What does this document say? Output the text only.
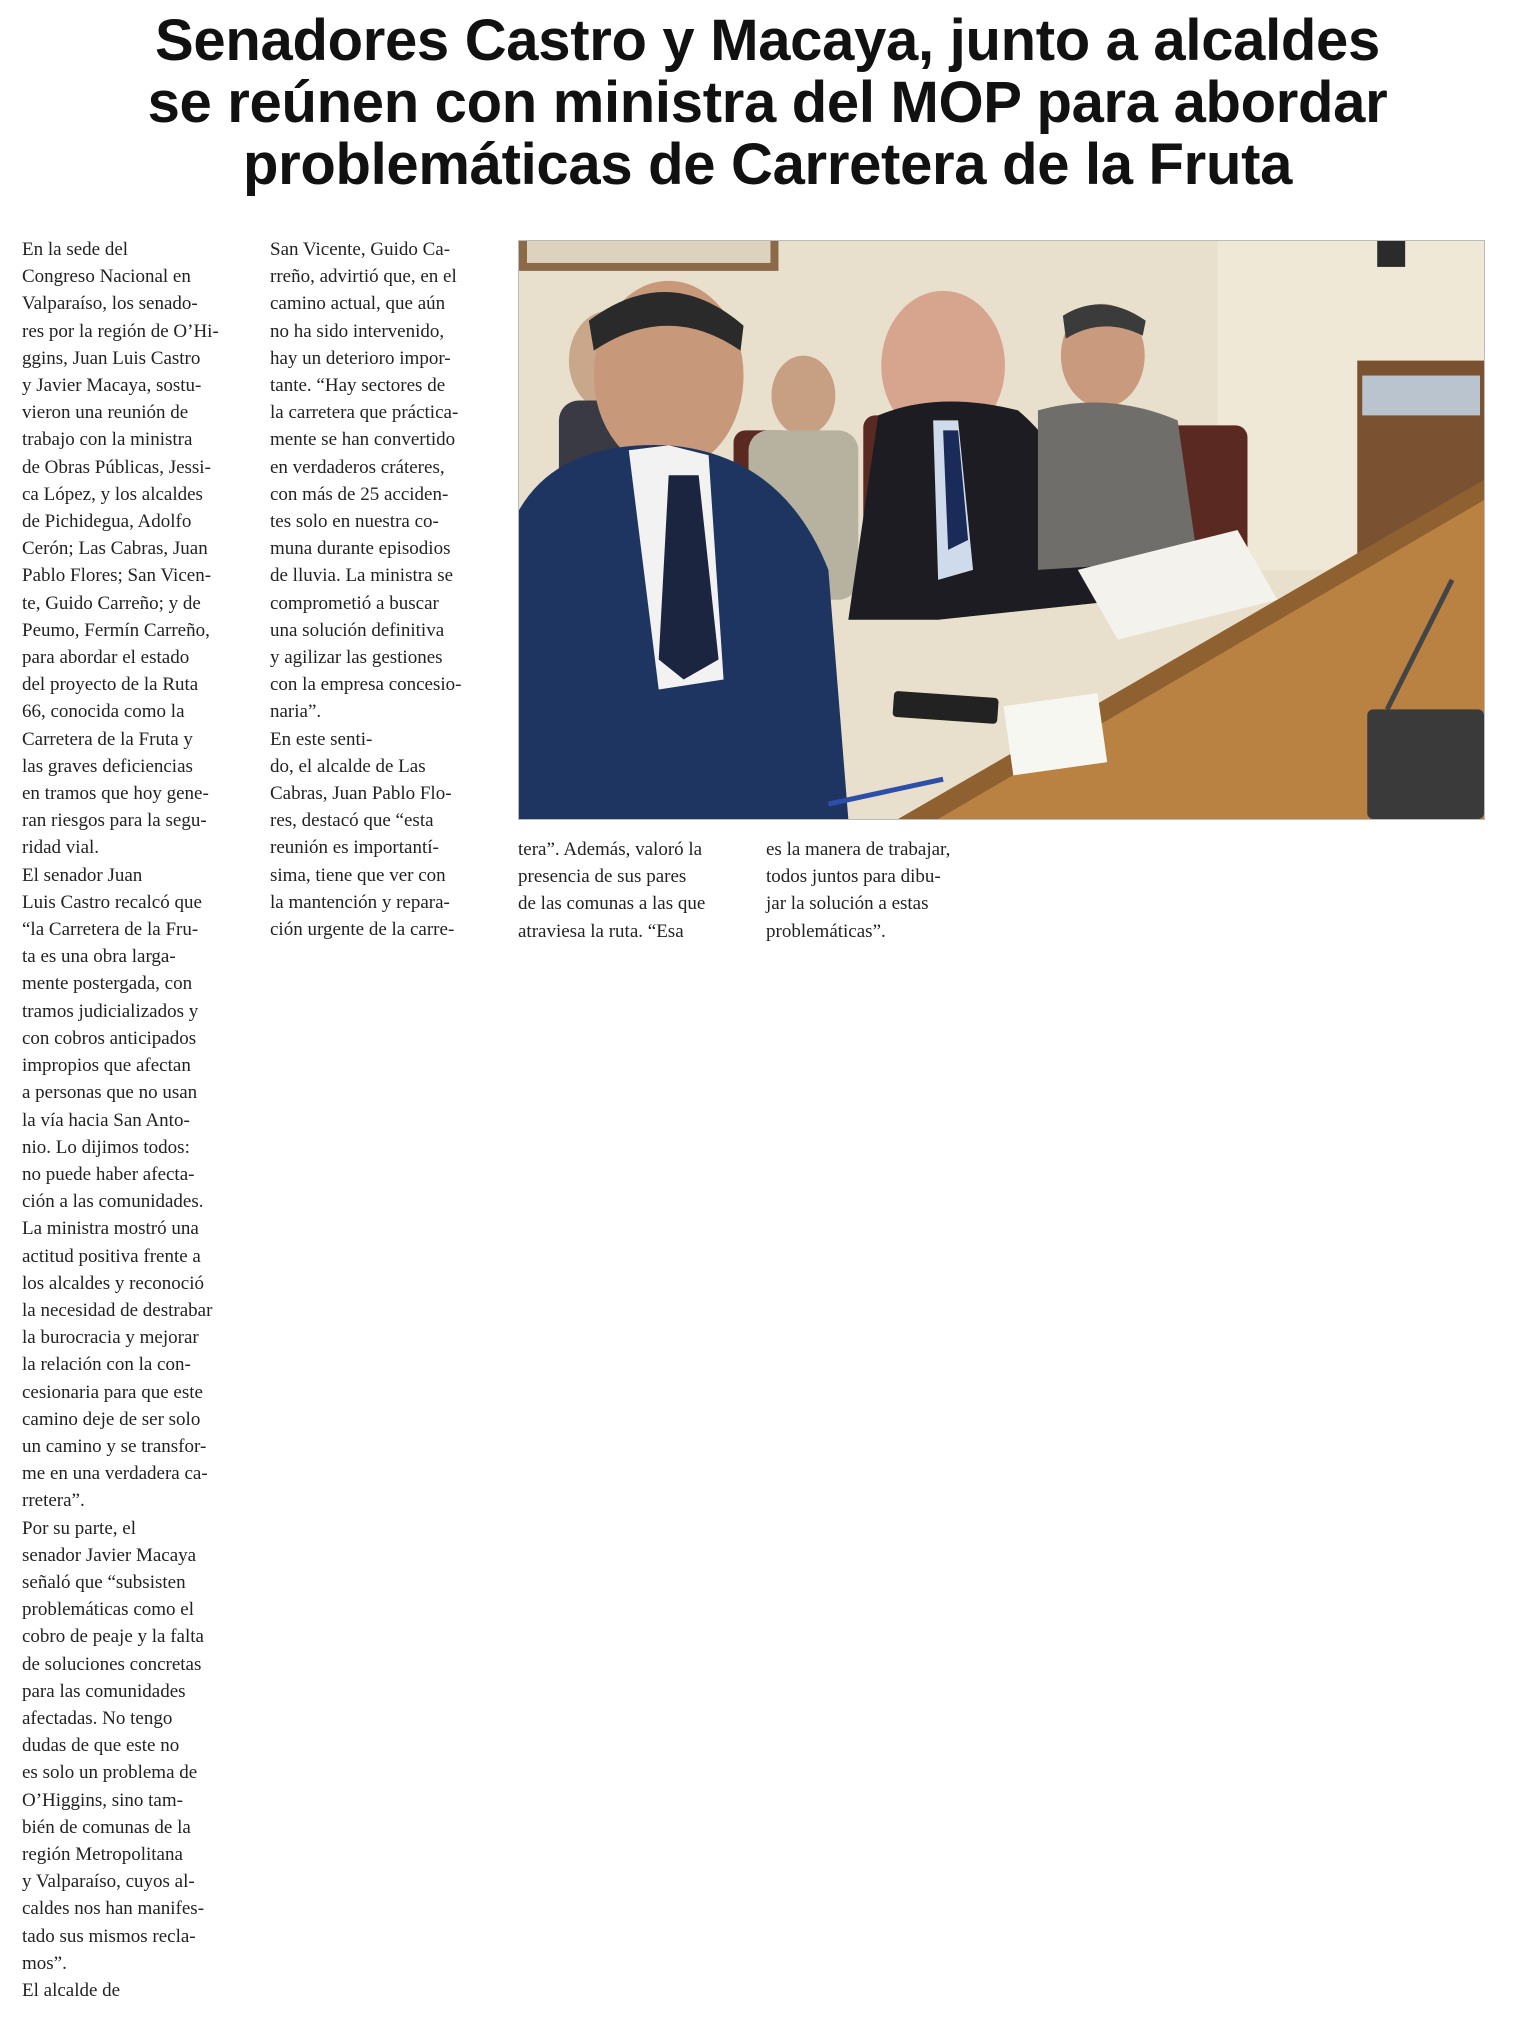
Senadores Castro y Macaya, junto a alcaldes
se reúnen con ministra del MOP para abordar
problemáticas de Carretera de la Fruta

En la sede del
Congreso Nacional en
Valparaíso, los senado-
res por la región de O’Hi-
ggins, Juan Luis Castro
y Javier Macaya, sostu-
vieron una reunión de
trabajo con la ministra
de Obras Públicas, Jessi-
ca López, y los alcaldes
de Pichidegua, Adolfo
Cerón; Las Cabras, Juan
Pablo Flores; San Vicen-
te, Guido Carreño; y de
Peumo, Fermín Carreño,
para abordar el estado
del proyecto de la Ruta
66, conocida como la
Carretera de la Fruta y
las graves deficiencias
en tramos que hoy gene-
ran riesgos para la segu-
ridad vial.
El senador Juan
Luis Castro recalcó que
“la Carretera de la Fru-
ta es una obra larga-
mente postergada, con
tramos judicializados y
con cobros anticipados
impropios que afectan
a personas que no usan
la vía hacia San Anto-
nio. Lo dijimos todos:
no puede haber afecta-
ción a las comunidades.
La ministra mostró una
actitud positiva frente a
los alcaldes y reconoció
la necesidad de destrabar
la burocracia y mejorar
la relación con la con-
cesionaria para que este
camino deje de ser solo
un camino y se transfor-
me en una verdadera ca-
rretera”.
Por su parte, el
senador Javier Macaya
señaló que “subsisten
problemáticas como el
cobro de peaje y la falta
de soluciones concretas
para las comunidades
afectadas. No tengo
dudas de que este no
es solo un problema de
O’Higgins, sino tam-
bién de comunas de la
región Metropolitana
y Valparaíso, cuyos al-
caldes nos han manifes-
tado sus mismos recla-
mos”.
El alcalde de

San Vicente, Guido Ca-
rreño, advirtió que, en el
camino actual, que aún
no ha sido intervenido,
hay un deterioro impor-
tante. “Hay sectores de
la carretera que práctica-
mente se han convertido
en verdaderos cráteres,
con más de 25 acciden-
tes solo en nuestra co-
muna durante episodios
de lluvia. La ministra se
comprometió a buscar
una solución definitiva
y agilizar las gestiones
con la empresa concesio-
naria”.
En este senti-
do, el alcalde de Las
Cabras, Juan Pablo Flo-
res, destacó que “esta
reunión es importantí-
sima, tiene que ver con
la mantención y repara-
ción urgente de la carre-

tera”. Además, valoró la
presencia de sus pares
de las comunas a las que
atraviesa la ruta. “Esa

es la manera de trabajar,
todos juntos para dibu-
jar la solución a estas
problemáticas”.
